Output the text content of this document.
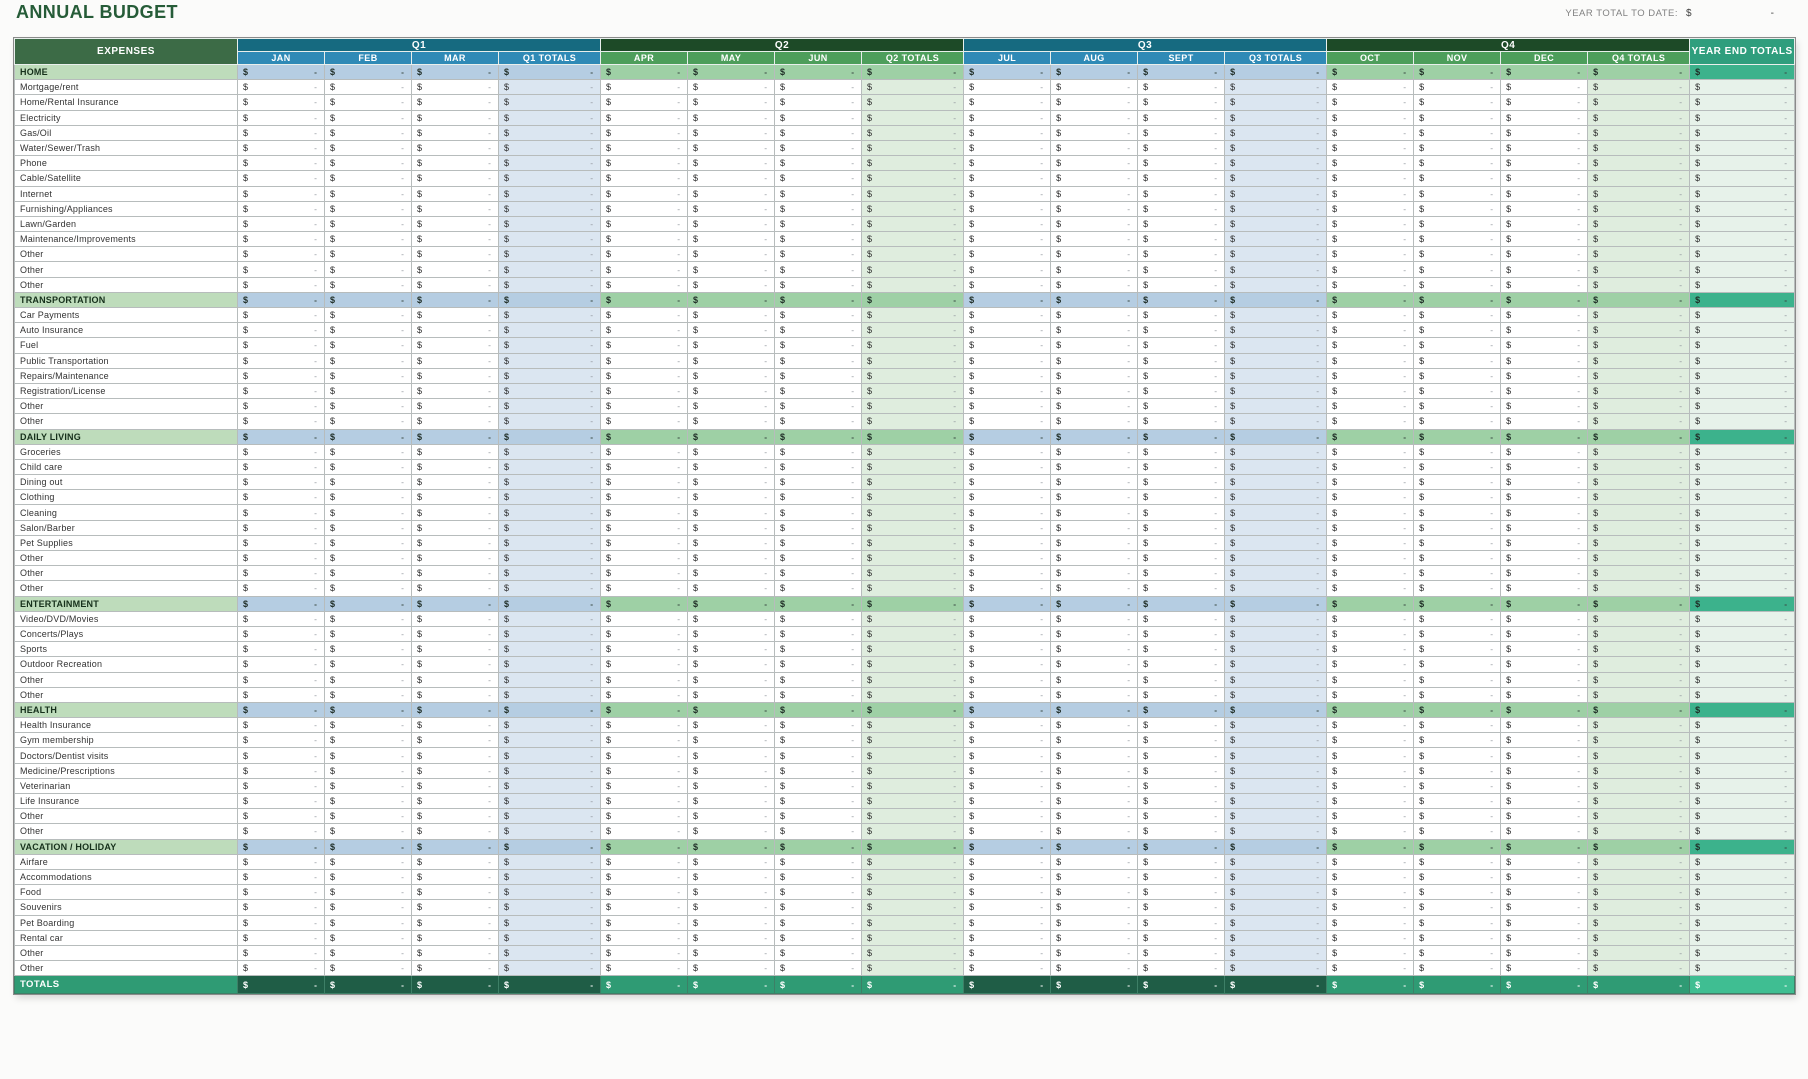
ANNUAL BUDGET	YEAR TOTAL TO DATE: $	-
EXPENSES	Q1				Q2				Q3				Q4				YEAR END TOTALS
	JAN	FEB	MAR	Q1 TOTALS	APR	MAY	JUN	Q2 TOTALS	JUL	AUG	SEPT	Q3 TOTALS	OCT	NOV	DEC	Q4 TOTALS	

HOME	$ -	$ -	$ -	$ -	$ -	$ -	$ -	$ -	$ -	$ -	$ -	$ -	$ -	$ -	$ -	$ -	$ -

Mortgage/rent	$ -	$ -	$ -	$ -	$ -	$ -	$ -	$ -	$ -	$ -	$ -	$ -	$ -	$ -	$ -	$ -	$ -

Home/Rental Insurance	$ -	$ -	$ -	$ -	$ -	$ -	$ -	$ -	$ -	$ -	$ -	$ -	$ -	$ -	$ -	$ -	$ -

Electricity	$ -	$ -	$ -	$ -	$ -	$ -	$ -	$ -	$ -	$ -	$ -	$ -	$ -	$ -	$ -	$ -	$ -

Gas/Oil	$ -	$ -	$ -	$ -	$ -	$ -	$ -	$ -	$ -	$ -	$ -	$ -	$ -	$ -	$ -	$ -	$ -

Water/Sewer/Trash	$ -	$ -	$ -	$ -	$ -	$ -	$ -	$ -	$ -	$ -	$ -	$ -	$ -	$ -	$ -	$ -	$ -

Phone	$ -	$ -	$ -	$ -	$ -	$ -	$ -	$ -	$ -	$ -	$ -	$ -	$ -	$ -	$ -	$ -	$ -

Cable/Satellite	$ -	$ -	$ -	$ -	$ -	$ -	$ -	$ -	$ -	$ -	$ -	$ -	$ -	$ -	$ -	$ -	$ -

Internet	$ -	$ -	$ -	$ -	$ -	$ -	$ -	$ -	$ -	$ -	$ -	$ -	$ -	$ -	$ -	$ -	$ -

Furnishing/Appliances	$ -	$ -	$ -	$ -	$ -	$ -	$ -	$ -	$ -	$ -	$ -	$ -	$ -	$ -	$ -	$ -	$ -

Lawn/Garden	$ -	$ -	$ -	$ -	$ -	$ -	$ -	$ -	$ -	$ -	$ -	$ -	$ -	$ -	$ -	$ -	$ -

Maintenance/Improvements	$ -	$ -	$ -	$ -	$ -	$ -	$ -	$ -	$ -	$ -	$ -	$ -	$ -	$ -	$ -	$ -	$ -

Other	$ -	$ -	$ -	$ -	$ -	$ -	$ -	$ -	$ -	$ -	$ -	$ -	$ -	$ -	$ -	$ -	$ -

Other	$ -	$ -	$ -	$ -	$ -	$ -	$ -	$ -	$ -	$ -	$ -	$ -	$ -	$ -	$ -	$ -	$ -

Other	$ -	$ -	$ -	$ -	$ -	$ -	$ -	$ -	$ -	$ -	$ -	$ -	$ -	$ -	$ -	$ -	$ -

TRANSPORTATION	$ -	$ -	$ -	$ -	$ -	$ -	$ -	$ -	$ -	$ -	$ -	$ -	$ -	$ -	$ -	$ -	$ -

Car Payments	$ -	$ -	$ -	$ -	$ -	$ -	$ -	$ -	$ -	$ -	$ -	$ -	$ -	$ -	$ -	$ -	$ -

Auto Insurance	$ -	$ -	$ -	$ -	$ -	$ -	$ -	$ -	$ -	$ -	$ -	$ -	$ -	$ -	$ -	$ -	$ -

Fuel	$ -	$ -	$ -	$ -	$ -	$ -	$ -	$ -	$ -	$ -	$ -	$ -	$ -	$ -	$ -	$ -	$ -

Public Transportation	$ -	$ -	$ -	$ -	$ -	$ -	$ -	$ -	$ -	$ -	$ -	$ -	$ -	$ -	$ -	$ -	$ -

Repairs/Maintenance	$ -	$ -	$ -	$ -	$ -	$ -	$ -	$ -	$ -	$ -	$ -	$ -	$ -	$ -	$ -	$ -	$ -

Registration/License	$ -	$ -	$ -	$ -	$ -	$ -	$ -	$ -	$ -	$ -	$ -	$ -	$ -	$ -	$ -	$ -	$ -

Other	$ -	$ -	$ -	$ -	$ -	$ -	$ -	$ -	$ -	$ -	$ -	$ -	$ -	$ -	$ -	$ -	$ -

Other	$ -	$ -	$ -	$ -	$ -	$ -	$ -	$ -	$ -	$ -	$ -	$ -	$ -	$ -	$ -	$ -	$ -

DAILY LIVING	$ -	$ -	$ -	$ -	$ -	$ -	$ -	$ -	$ -	$ -	$ -	$ -	$ -	$ -	$ -	$ -	$ -

Groceries	$ -	$ -	$ -	$ -	$ -	$ -	$ -	$ -	$ -	$ -	$ -	$ -	$ -	$ -	$ -	$ -	$ -

Child care	$ -	$ -	$ -	$ -	$ -	$ -	$ -	$ -	$ -	$ -	$ -	$ -	$ -	$ -	$ -	$ -	$ -

Dining out	$ -	$ -	$ -	$ -	$ -	$ -	$ -	$ -	$ -	$ -	$ -	$ -	$ -	$ -	$ -	$ -	$ -

Clothing	$ -	$ -	$ -	$ -	$ -	$ -	$ -	$ -	$ -	$ -	$ -	$ -	$ -	$ -	$ -	$ -	$ -

Cleaning	$ -	$ -	$ -	$ -	$ -	$ -	$ -	$ -	$ -	$ -	$ -	$ -	$ -	$ -	$ -	$ -	$ -

Salon/Barber	$ -	$ -	$ -	$ -	$ -	$ -	$ -	$ -	$ -	$ -	$ -	$ -	$ -	$ -	$ -	$ -	$ -

Pet Supplies	$ -	$ -	$ -	$ -	$ -	$ -	$ -	$ -	$ -	$ -	$ -	$ -	$ -	$ -	$ -	$ -	$ -

Other	$ -	$ -	$ -	$ -	$ -	$ -	$ -	$ -	$ -	$ -	$ -	$ -	$ -	$ -	$ -	$ -	$ -

Other	$ -	$ -	$ -	$ -	$ -	$ -	$ -	$ -	$ -	$ -	$ -	$ -	$ -	$ -	$ -	$ -	$ -

Other	$ -	$ -	$ -	$ -	$ -	$ -	$ -	$ -	$ -	$ -	$ -	$ -	$ -	$ -	$ -	$ -	$ -

ENTERTAINMENT	$ -	$ -	$ -	$ -	$ -	$ -	$ -	$ -	$ -	$ -	$ -	$ -	$ -	$ -	$ -	$ -	$ -

Video/DVD/Movies	$ -	$ -	$ -	$ -	$ -	$ -	$ -	$ -	$ -	$ -	$ -	$ -	$ -	$ -	$ -	$ -	$ -

Concerts/Plays	$ -	$ -	$ -	$ -	$ -	$ -	$ -	$ -	$ -	$ -	$ -	$ -	$ -	$ -	$ -	$ -	$ -

Sports	$ -	$ -	$ -	$ -	$ -	$ -	$ -	$ -	$ -	$ -	$ -	$ -	$ -	$ -	$ -	$ -	$ -

Outdoor Recreation	$ -	$ -	$ -	$ -	$ -	$ -	$ -	$ -	$ -	$ -	$ -	$ -	$ -	$ -	$ -	$ -	$ -

Other	$ -	$ -	$ -	$ -	$ -	$ -	$ -	$ -	$ -	$ -	$ -	$ -	$ -	$ -	$ -	$ -	$ -

Other	$ -	$ -	$ -	$ -	$ -	$ -	$ -	$ -	$ -	$ -	$ -	$ -	$ -	$ -	$ -	$ -	$ -

HEALTH	$ -	$ -	$ -	$ -	$ -	$ -	$ -	$ -	$ -	$ -	$ -	$ -	$ -	$ -	$ -	$ -	$ -

Health Insurance	$ -	$ -	$ -	$ -	$ -	$ -	$ -	$ -	$ -	$ -	$ -	$ -	$ -	$ -	$ -	$ -	$ -

Gym membership	$ -	$ -	$ -	$ -	$ -	$ -	$ -	$ -	$ -	$ -	$ -	$ -	$ -	$ -	$ -	$ -	$ -

Doctors/Dentist visits	$ -	$ -	$ -	$ -	$ -	$ -	$ -	$ -	$ -	$ -	$ -	$ -	$ -	$ -	$ -	$ -	$ -

Medicine/Prescriptions	$ -	$ -	$ -	$ -	$ -	$ -	$ -	$ -	$ -	$ -	$ -	$ -	$ -	$ -	$ -	$ -	$ -

Veterinarian	$ -	$ -	$ -	$ -	$ -	$ -	$ -	$ -	$ -	$ -	$ -	$ -	$ -	$ -	$ -	$ -	$ -

Life Insurance	$ -	$ -	$ -	$ -	$ -	$ -	$ -	$ -	$ -	$ -	$ -	$ -	$ -	$ -	$ -	$ -	$ -

Other	$ -	$ -	$ -	$ -	$ -	$ -	$ -	$ -	$ -	$ -	$ -	$ -	$ -	$ -	$ -	$ -	$ -

Other	$ -	$ -	$ -	$ -	$ -	$ -	$ -	$ -	$ -	$ -	$ -	$ -	$ -	$ -	$ -	$ -	$ -

VACATION / HOLIDAY	$ -	$ -	$ -	$ -	$ -	$ -	$ -	$ -	$ -	$ -	$ -	$ -	$ -	$ -	$ -	$ -	$ -

Airfare	$ -	$ -	$ -	$ -	$ -	$ -	$ -	$ -	$ -	$ -	$ -	$ -	$ -	$ -	$ -	$ -	$ -

Accommodations	$ -	$ -	$ -	$ -	$ -	$ -	$ -	$ -	$ -	$ -	$ -	$ -	$ -	$ -	$ -	$ -	$ -

Food	$ -	$ -	$ -	$ -	$ -	$ -	$ -	$ -	$ -	$ -	$ -	$ -	$ -	$ -	$ -	$ -	$ -

Souvenirs	$ -	$ -	$ -	$ -	$ -	$ -	$ -	$ -	$ -	$ -	$ -	$ -	$ -	$ -	$ -	$ -	$ -

Pet Boarding	$ -	$ -	$ -	$ -	$ -	$ -	$ -	$ -	$ -	$ -	$ -	$ -	$ -	$ -	$ -	$ -	$ -

Rental car	$ -	$ -	$ -	$ -	$ -	$ -	$ -	$ -	$ -	$ -	$ -	$ -	$ -	$ -	$ -	$ -	$ -

Other	$ -	$ -	$ -	$ -	$ -	$ -	$ -	$ -	$ -	$ -	$ -	$ -	$ -	$ -	$ -	$ -	$ -

Other	$ -	$ -	$ -	$ -	$ -	$ -	$ -	$ -	$ -	$ -	$ -	$ -	$ -	$ -	$ -	$ -	$ -

TOTALS	$ -	$ -	$ -	$ -	$ -	$ -	$ -	$ -	$ -	$ -	$ -	$ -	$ -	$ -	$ -	$ -	$ -
